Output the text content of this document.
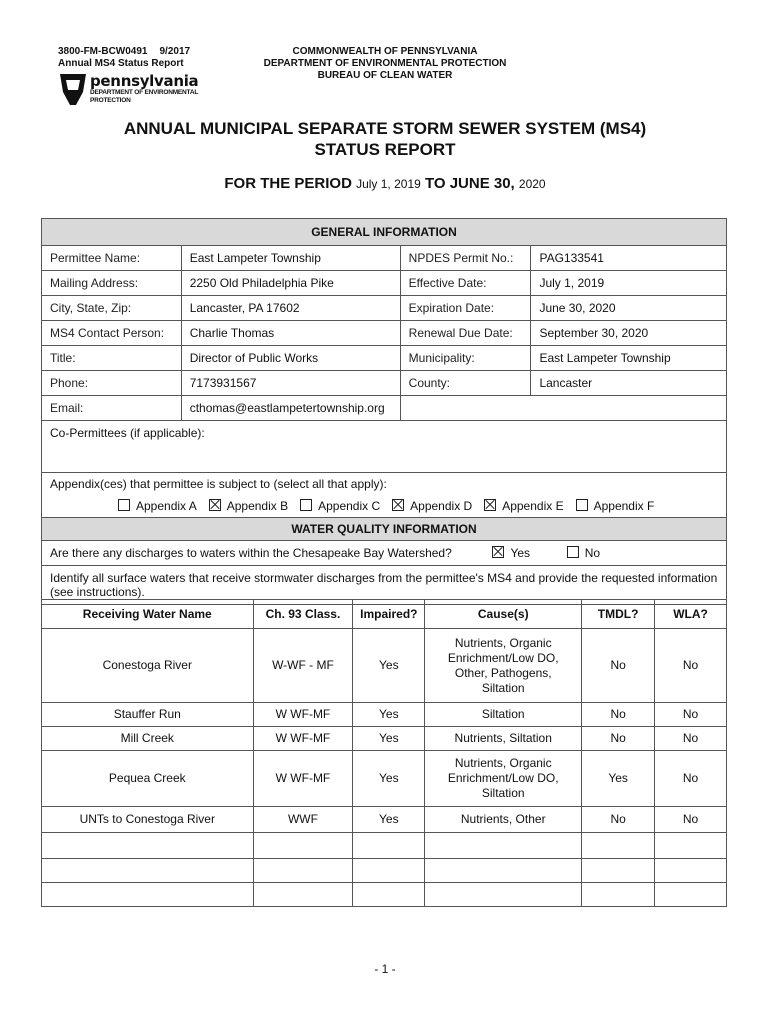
3800-FM-BCW0491 9/2017
Annual MS4 Status Report
pennsylvania
DEPARTMENT OF ENVIRONMENTAL
PROTECTION
COMMONWEALTH OF PENNSYLVANIA
DEPARTMENT OF ENVIRONMENTAL PROTECTION
BUREAU OF CLEAN WATER
ANNUAL MUNICIPAL SEPARATE STORM SEWER SYSTEM (MS4)
STATUS REPORT
FOR THE PERIOD July 1, 2019 TO JUNE 30, 2020
GENERAL INFORMATION			
Permittee Name:	East Lampeter Township	NPDES Permit No.:	PAG133541
Mailing Address:	2250 Old Philadelphia Pike	Effective Date:	July 1, 2019
City, State, Zip:	Lancaster, PA 17602	Expiration Date:	June 30, 2020
MS4 Contact Person:	Charlie Thomas	Renewal Due Date:	September 30, 2020
Title:	Director of Public Works	Municipality:	East Lampeter Township
Phone:	7173931567	County:	Lancaster
Email:	cthomas@eastlampetertownship.org		
Co-Permittees (if applicable):			

Appendix(ces) that permittee is subject to (select all that apply):
Appendix A Appendix B Appendix C Appendix D Appendix E Appendix F			

WATER QUALITY INFORMATION			
Are there any discharges to waters within the Chesapeake Bay Watershed? Yes No			
Identify all surface waters that receive stormwater discharges from the permittee's MS4 and provide the requested information (see instructions).			
Receiving Water Name	Ch. 93 Class.	Impaired?	Cause(s)	TMDL?	WLA?
Conestoga River	W-WF - MF	Yes	Nutrients, Organic Enrichment/Low DO, Other, Pathogens, Siltation	No	No
Stauffer Run	W WF-MF	Yes	Siltation	No	No
Mill Creek	W WF-MF	Yes	Nutrients, Siltation	No	No
Pequea Creek	W WF-MF	Yes	Nutrients, Organic Enrichment/Low DO, Siltation	Yes	No
UNTs to Conestoga River	WWF	Yes	Nutrients, Other	No	No

- 1 -
